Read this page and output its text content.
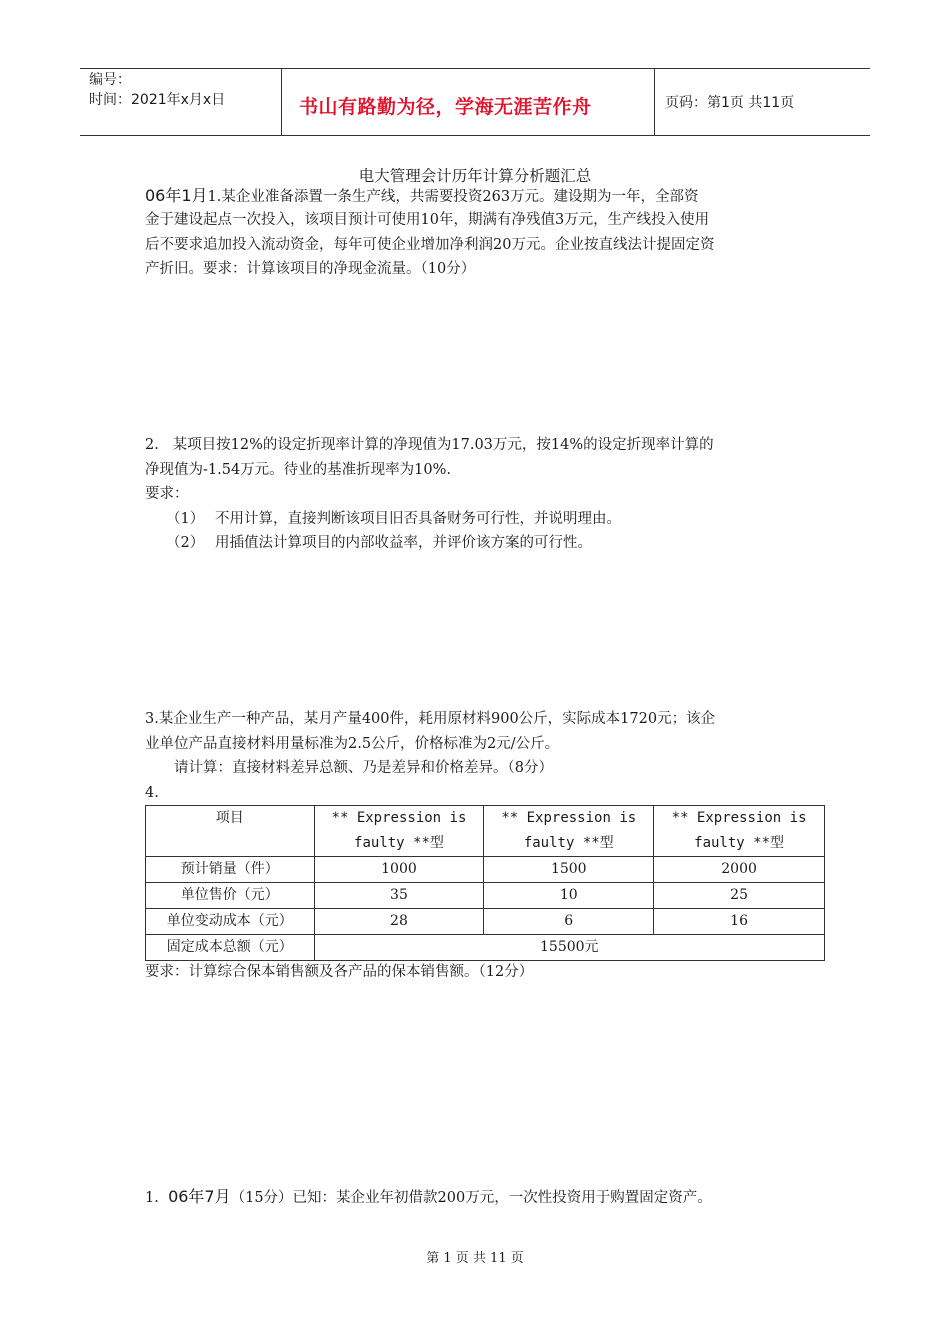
编号：
时间：2021年x月x日	书山有路勤为径，学海无涯苦作舟	页码：第1页 共11页
电大管理会计历年计算分析题汇总
06年1月1.某企业准备添置一条生产线，共需要投资263万元。建设期为一年，全部资
金于建设起点一次投入，该项目预计可使用10年，期满有净残值3万元，生产线投入使用
后不要求追加投入流动资金，每年可使企业增加净利润20万元。企业按直线法计提固定资
产折旧。要求：计算该项目的净现金流量。（10分）
2.   某项目按12%的设定折现率计算的净现值为17.03万元，按14%的设定折现率计算的
净现值为-1.54万元。待业的基准折现率为10%.
要求：
（1） 不用计算，直接判断该项目旧否具备财务可行性，并说明理由。
（2） 用插值法计算项目的内部收益率，并评价该方案的可行性。
3.某企业生产一种产品，某月产量400件，耗用原材料900公斤，实际成本1720元；该企
业单位产品直接材料用量标准为2.5公斤，价格标准为2元/公斤。
请计算：直接材料差异总额、乃是差异和价格差异。（8分）
4.
项目	** Expression is faulty **型	** Expression is faulty **型	** Expression is faulty **型

预计销量（件）	1000	1500	2000
单位售价（元）	35	10	25
单位变动成本（元）	28	6	16
固定成本总额（元）	15500元		
要求：计算综合保本销售额及各产品的保本销售额。（12分）
1. 06年7月（15分）已知：某企业年初借款200万元，一次性投资用于购置固定资产。
第 1 页 共 11 页
